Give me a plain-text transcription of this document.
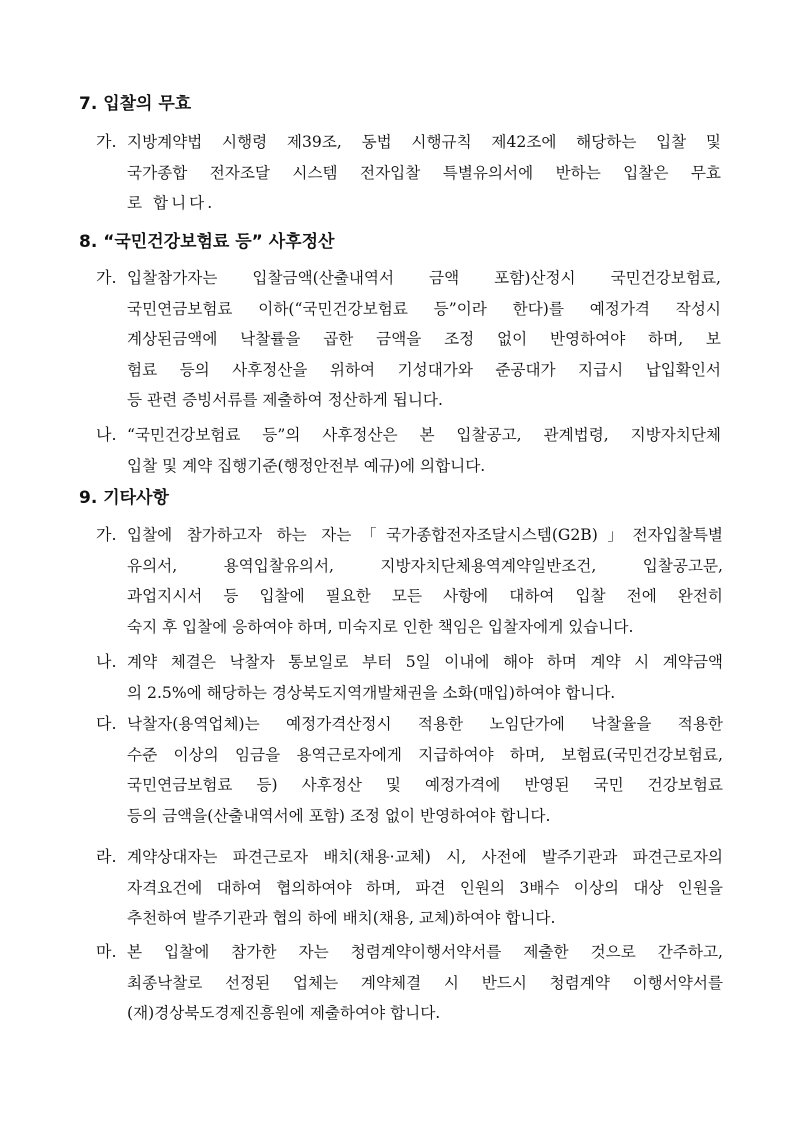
7. 입찰의 무효
가. 지방계약법 시행령 제39조, 동법 시행규칙 제42조에 해당하는 입찰 및
국가종합 전자조달 시스템 전자입찰 특별유의서에 반하는 입찰은 무효
로 합니다.
8. “국민건강보험료 등” 사후정산
가. 입찰참가자는 입찰금액(산출내역서 금액 포함)산정시 국민건강보험료,
국민연금보험료 이하(“국민건강보험료 등”이라 한다)를 예정가격 작성시
계상된금액에 낙찰률을 곱한 금액을 조정 없이 반영하여야 하며, 보
험료 등의 사후정산을 위하여 기성대가와 준공대가 지급시 납입확인서
등 관련 증빙서류를 제출하여 정산하게 됩니다.
나. “국민건강보험료 등”의 사후정산은 본 입찰공고, 관계법령, 지방자치단체
입찰 및 계약 집행기준(행정안전부 예규)에 의합니다.
9. 기타사항
가. 입찰에 참가하고자 하는 자는「국가종합전자조달시스템(G2B)」전자입찰특별
유의서, 용역입찰유의서, 지방자치단체용역계약일반조건, 입찰공고문,
과업지시서 등 입찰에 필요한 모든 사항에 대하여 입찰 전에 완전히
숙지 후 입찰에 응하여야 하며, 미숙지로 인한 책임은 입찰자에게 있습니다.
나. 계약 체결은 낙찰자 통보일로 부터 5일 이내에 해야 하며 계약 시 계약금액
의 2.5%에 해당하는 경상북도지역개발채권을 소화(매입)하여야 합니다.
다. 낙찰자(용역업체)는 예정가격산정시 적용한 노임단가에 낙찰율을 적용한
수준 이상의 임금을 용역근로자에게 지급하여야 하며, 보험료(국민건강보험료,
국민연금보험료 등) 사후정산 및 예정가격에 반영된 국민 건강보험료
등의 금액을(산출내역서에 포함) 조정 없이 반영하여야 합니다.
라. 계약상대자는 파견근로자 배치(채용·교체) 시, 사전에 발주기관과 파견근로자의
자격요건에 대하여 협의하여야 하며, 파견 인원의 3배수 이상의 대상 인원을
추천하여 발주기관과 협의 하에 배치(채용, 교체)하여야 합니다.
마. 본 입찰에 참가한 자는 청렴계약이행서약서를 제출한 것으로 간주하고,
최종낙찰로 선정된 업체는 계약체결 시 반드시 청렴계약 이행서약서를
(재)경상북도경제진흥원에 제출하여야 합니다.
